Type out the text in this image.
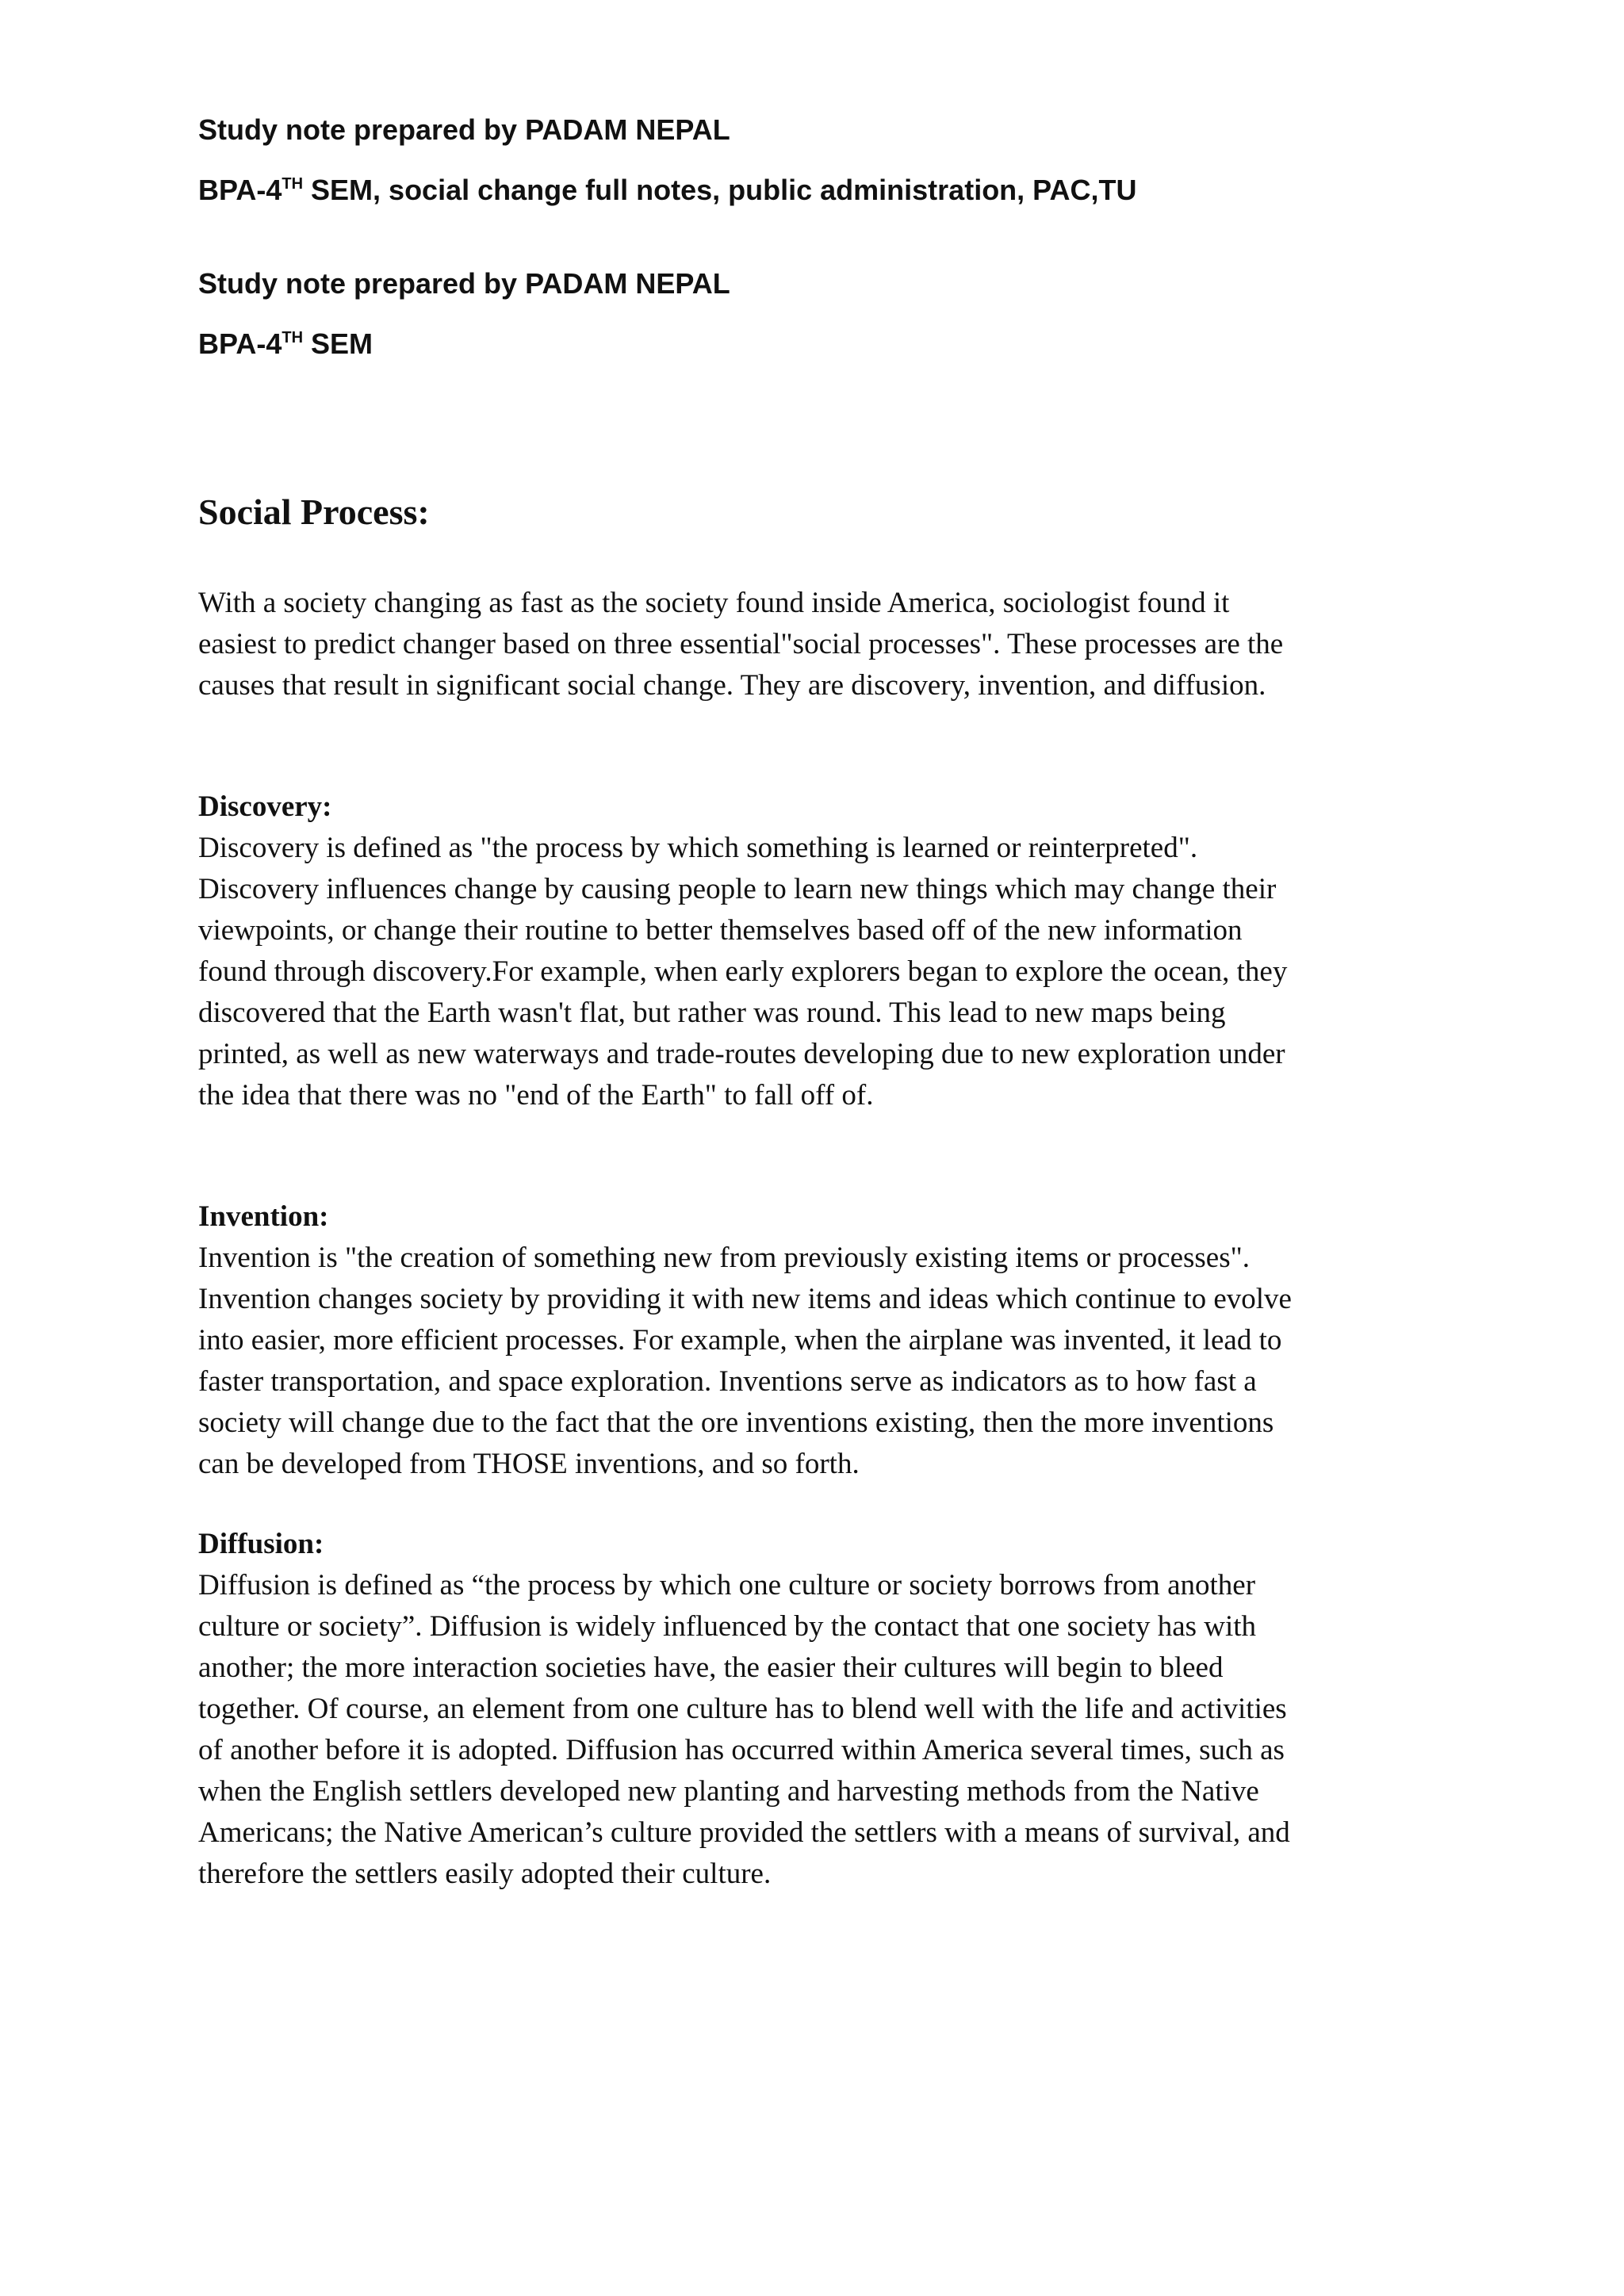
Study note prepared by PADAM NEPAL
BPA-4TH SEM, social change full notes, public administration, PAC,TU
Study note prepared by PADAM NEPAL
BPA-4TH SEM
Social Process:
With a society changing as fast as the society found inside America, sociologist found it
easiest to predict changer based on three essential"social processes". These processes are the
causes that result in significant social change. They are discovery, invention, and diffusion.
Discovery:
Discovery is defined as "the process by which something is learned or reinterpreted".
Discovery influences change by causing people to learn new things which may change their
viewpoints, or change their routine to better themselves based off of the new information
found through discovery.For example, when early explorers began to explore the ocean, they
discovered that the Earth wasn't flat, but rather was round. This lead to new maps being
printed, as well as new waterways and trade-routes developing due to new exploration under
the idea that there was no "end of the Earth" to fall off of.
Invention:
Invention is "the creation of something new from previously existing items or processes".
Invention changes society by providing it with new items and ideas which continue to evolve
into easier, more efficient processes. For example, when the airplane was invented, it lead to
faster transportation, and space exploration. Inventions serve as indicators as to how fast a
society will change due to the fact that the ore inventions existing, then the more inventions
can be developed from THOSE inventions, and so forth.
Diffusion:
Diffusion is defined as “the process by which one culture or society borrows from another
culture or society”. Diffusion is widely influenced by the contact that one society has with
another; the more interaction societies have, the easier their cultures will begin to bleed
together. Of course, an element from one culture has to blend well with the life and activities
of another before it is adopted. Diffusion has occurred within America several times, such as
when the English settlers developed new planting and harvesting methods from the Native
Americans; the Native American’s culture provided the settlers with a means of survival, and
therefore the settlers easily adopted their culture.
